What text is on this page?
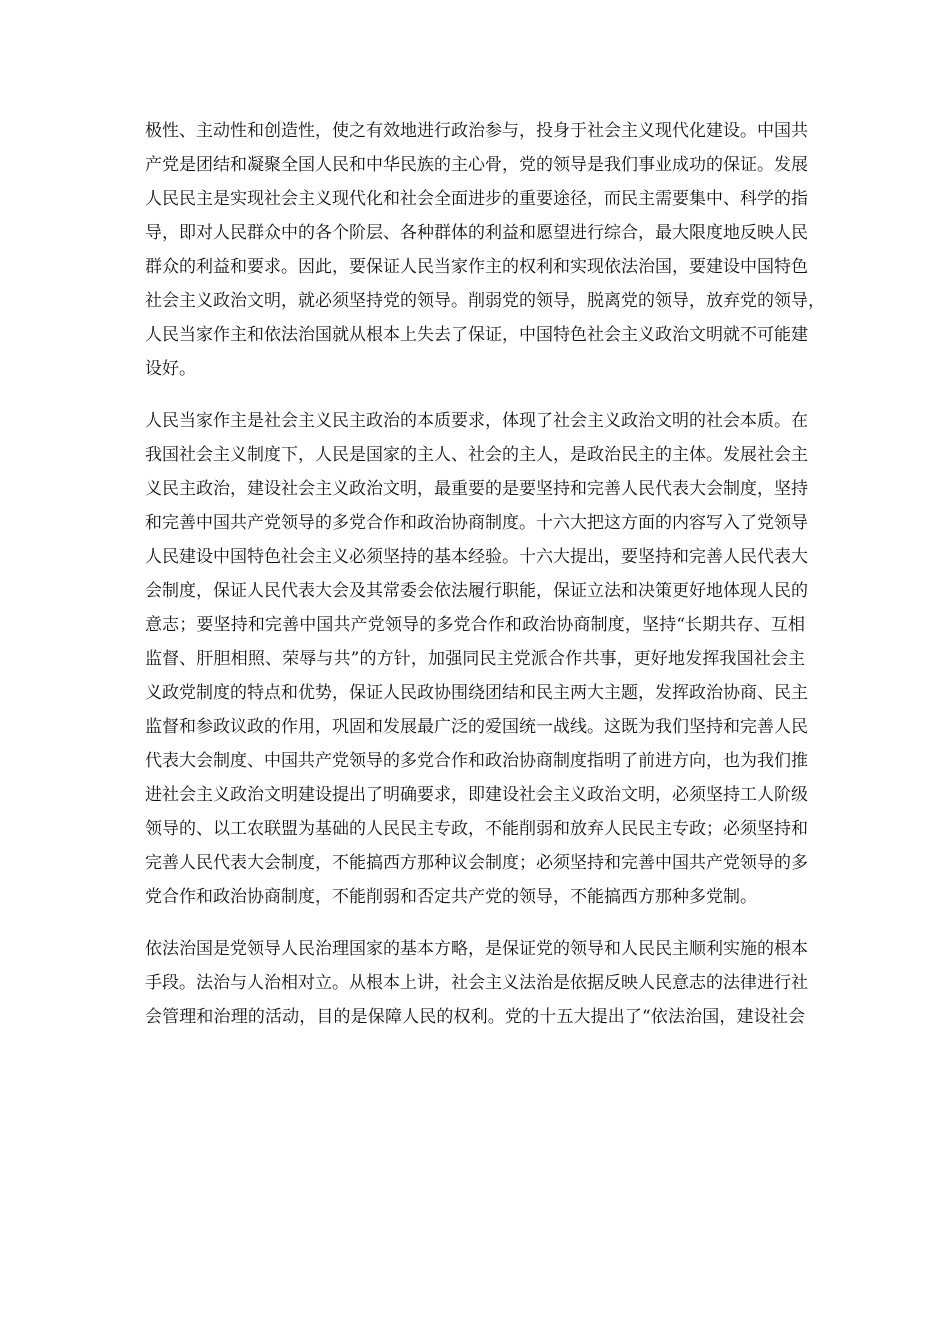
极性、主动性和创造性，使之有效地进行政治参与，投身于社会主义现代化建设。中国共
产党是团结和凝聚全国人民和中华民族的主心骨，党的领导是我们事业成功的保证。发展
人民民主是实现社会主义现代化和社会全面进步的重要途径，而民主需要集中、科学的指
导，即对人民群众中的各个阶层、各种群体的利益和愿望进行综合，最大限度地反映人民
群众的利益和要求。因此，要保证人民当家作主的权利和实现依法治国，要建设中国特色
社会主义政治文明，就必须坚持党的领导。削弱党的领导，脱离党的领导，放弃党的领导，
人民当家作主和依法治国就从根本上失去了保证，中国特色社会主义政治文明就不可能建
设好。
人民当家作主是社会主义民主政治的本质要求，体现了社会主义政治文明的社会本质。在
我国社会主义制度下，人民是国家的主人、社会的主人，是政治民主的主体。发展社会主
义民主政治，建设社会主义政治文明，最重要的是要坚持和完善人民代表大会制度，坚持
和完善中国共产党领导的多党合作和政治协商制度。十六大把这方面的内容写入了党领导
人民建设中国特色社会主义必须坚持的基本经验。十六大提出，要坚持和完善人民代表大
会制度，保证人民代表大会及其常委会依法履行职能，保证立法和决策更好地体现人民的
意志；要坚持和完善中国共产党领导的多党合作和政治协商制度，坚持“长期共存、互相
监督、肝胆相照、荣辱与共”的方针，加强同民主党派合作共事，更好地发挥我国社会主
义政党制度的特点和优势，保证人民政协围绕团结和民主两大主题，发挥政治协商、民主
监督和参政议政的作用，巩固和发展最广泛的爱国统一战线。这既为我们坚持和完善人民
代表大会制度、中国共产党领导的多党合作和政治协商制度指明了前进方向，也为我们推
进社会主义政治文明建设提出了明确要求，即建设社会主义政治文明，必须坚持工人阶级
领导的、以工农联盟为基础的人民民主专政，不能削弱和放弃人民民主专政；必须坚持和
完善人民代表大会制度，不能搞西方那种议会制度；必须坚持和完善中国共产党领导的多
党合作和政治协商制度，不能削弱和否定共产党的领导，不能搞西方那种多党制。
依法治国是党领导人民治理国家的基本方略，是保证党的领导和人民民主顺利实施的根本
手段。法治与人治相对立。从根本上讲，社会主义法治是依据反映人民意志的法律进行社
会管理和治理的活动，目的是保障人民的权利。党的十五大提出了“依法治国，建设社会
